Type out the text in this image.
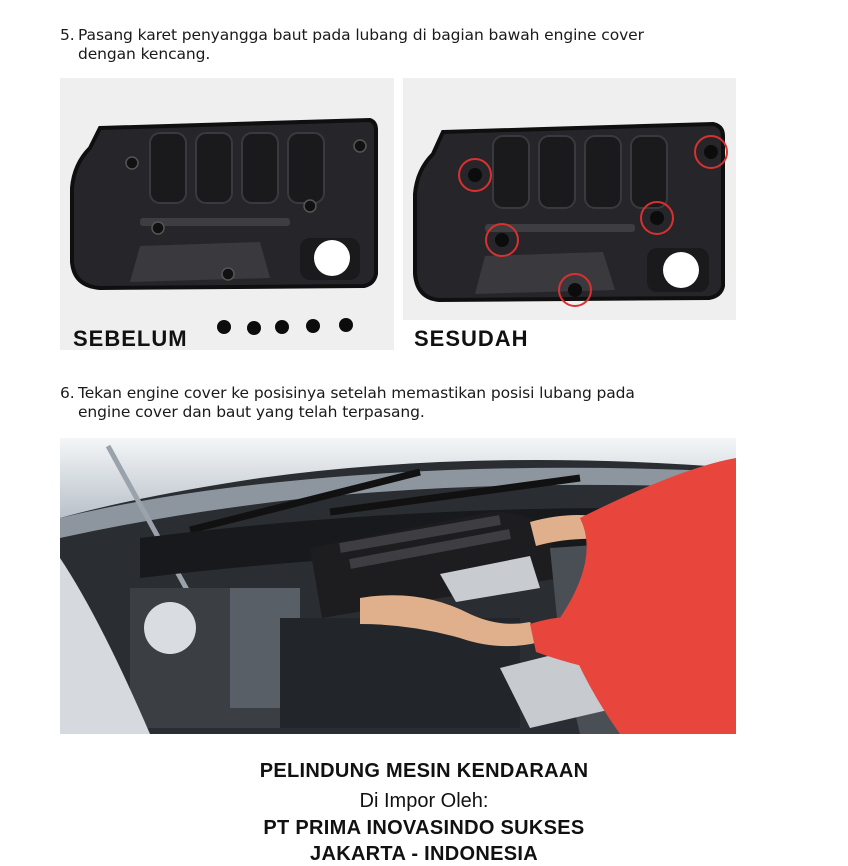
5. Pasang karet penyangga baut pada lubang di bagian bawah engine cover
dengan kencang.
SEBELUM	SESUDAH
6. Tekan engine cover ke posisinya setelah memastikan posisi lubang pada
engine cover dan baut yang telah terpasang.
PELINDUNG MESIN KENDARAAN
Di Impor Oleh:
PT PRIMA INOVASINDO SUKSES
JAKARTA - INDONESIA
